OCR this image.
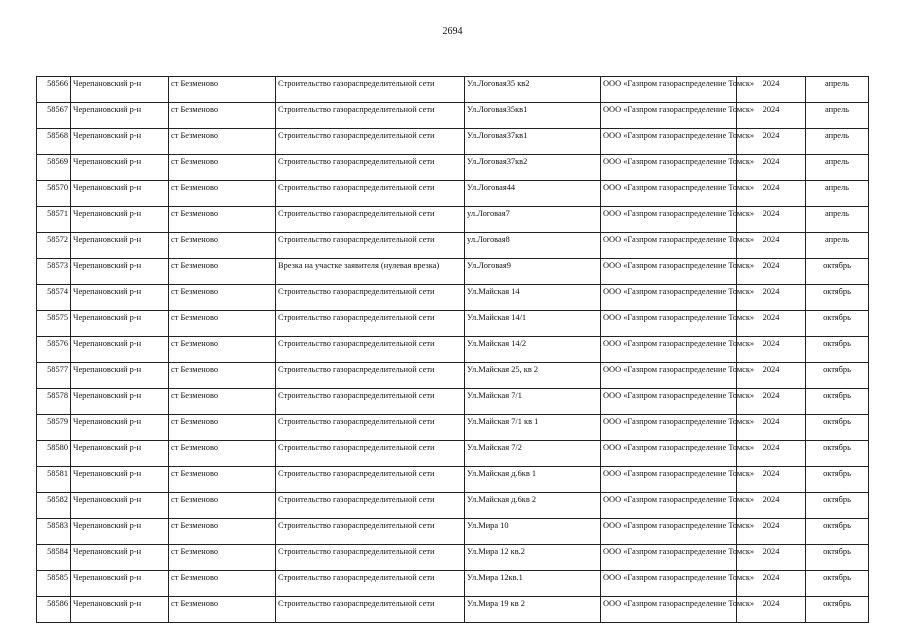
2694
58566	Черепановский р-н	ст Безменово	Строительство газораспределительной сети	Ул.Логовая35 кв2	ООО «Газпром газораспределение Томск»	2024	апрель
58567	Черепановский р-н	ст Безменово	Строительство газораспределительной сети	Ул.Логовая35кв1	ООО «Газпром газораспределение Томск»	2024	апрель
58568	Черепановский р-н	ст Безменово	Строительство газораспределительной сети	Ул.Логовая37кв1	ООО «Газпром газораспределение Томск»	2024	апрель
58569	Черепановский р-н	ст Безменово	Строительство газораспределительной сети	Ул.Логовая37кв2	ООО «Газпром газораспределение Томск»	2024	апрель
58570	Черепановский р-н	ст Безменово	Строительство газораспределительной сети	Ул.Логовая44	ООО «Газпром газораспределение Томск»	2024	апрель
58571	Черепановский р-н	ст Безменово	Строительство газораспределительной сети	ул.Логовая7	ООО «Газпром газораспределение Томск»	2024	апрель
58572	Черепановский р-н	ст Безменово	Строительство газораспределительной сети	ул.Логовая8	ООО «Газпром газораспределение Томск»	2024	апрель
58573	Черепановский р-н	ст Безменово	Врезка на участке заявителя (нулевая врезка)	Ул.Логовая9	ООО «Газпром газораспределение Томск»	2024	октябрь
58574	Черепановский р-н	ст Безменово	Строительство газораспределительной сети	Ул.Майская 14	ООО «Газпром газораспределение Томск»	2024	октябрь
58575	Черепановский р-н	ст Безменово	Строительство газораспределительной сети	Ул.Майская 14/1	ООО «Газпром газораспределение Томск»	2024	октябрь
58576	Черепановский р-н	ст Безменово	Строительство газораспределительной сети	Ул.Майская 14/2	ООО «Газпром газораспределение Томск»	2024	октябрь
58577	Черепановский р-н	ст Безменово	Строительство газораспределительной сети	Ул.Майская 25, кв 2	ООО «Газпром газораспределение Томск»	2024	октябрь
58578	Черепановский р-н	ст Безменово	Строительство газораспределительной сети	Ул.Майская 7/1	ООО «Газпром газораспределение Томск»	2024	октябрь
58579	Черепановский р-н	ст Безменово	Строительство газораспределительной сети	Ул.Майская 7/1 кв 1	ООО «Газпром газораспределение Томск»	2024	октябрь
58580	Черепановский р-н	ст Безменово	Строительство газораспределительной сети	Ул.Майская 7/2	ООО «Газпром газораспределение Томск»	2024	октябрь
58581	Черепановский р-н	ст Безменово	Строительство газораспределительной сети	Ул.Майская д.6кв 1	ООО «Газпром газораспределение Томск»	2024	октябрь
58582	Черепановский р-н	ст Безменово	Строительство газораспределительной сети	Ул.Майская д.6кв 2	ООО «Газпром газораспределение Томск»	2024	октябрь
58583	Черепановский р-н	ст Безменово	Строительство газораспределительной сети	Ул.Мира 10	ООО «Газпром газораспределение Томск»	2024	октябрь
58584	Черепановский р-н	ст Безменово	Строительство газораспределительной сети	Ул.Мира 12 кв.2	ООО «Газпром газораспределение Томск»	2024	октябрь
58585	Черепановский р-н	ст Безменово	Строительство газораспределительной сети	Ул.Мира 12кв.1	ООО «Газпром газораспределение Томск»	2024	октябрь
58586	Черепановский р-н	ст Безменово	Строительство газораспределительной сети	Ул.Мира 19 кв 2	ООО «Газпром газораспределение Томск»	2024	октябрь
